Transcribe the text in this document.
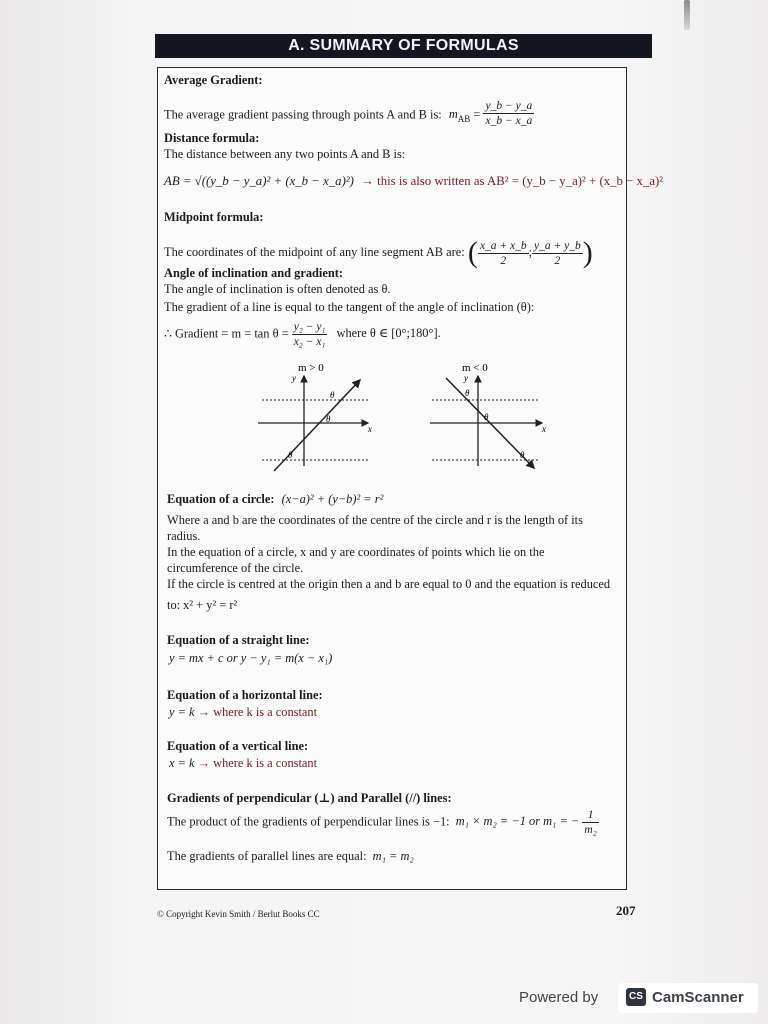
A. SUMMARY OF FORMULAS
Average Gradient:
The average gradient passing through points A and B is: $m_{AB} = \frac{y\_b - y\_a}{x\_b - x\_a}$
Distance formula:
The distance between any two points A and B is:
AB = √((y_b − y_a)² + (x_b − x_a)²) → this is also written as AB² = (y_b − y_a)² + (x_b − x_a)²
Midpoint formula:
The coordinates of the midpoint of any line segment AB are: ( $\frac{x\_a + x\_b}{2}$ ; $\frac{y\_a + y\_b}{2}$ )
Angle of inclination and gradient:
The angle of inclination is often denoted as θ.
The gradient of a line is equal to the tangent of the angle of inclination (θ):
∴ Gradient = $m = \tan \theta = \frac{\text{y₂ − y₁}}{\text{x₂ − x₁}}$ where θ ∈ [0°;180°].
m > 0
y
x
θ
θ
θ
m < 0
y
x
θ
θ
θ
Equation of a circle: (x−a)² + (y−b)² = r²
Where a and b are the coordinates of the centre of the circle and r is the length of its
radius.
In the equation of a circle, x and y are coordinates of points which lie on the
circumference of the circle.
If the circle is centred at the origin then a and b are equal to 0 and the equation is reduced
to: x² + y² = r²
Equation of a straight line:
y = mx + c or y − y₁ = m(x − x₁)
Equation of a horizontal line:
y = k → where k is a constant
Equation of a vertical line:
x = k → where k is a constant
Gradients of perpendicular (⊥) and Parallel (//) lines:
The product of the gradients of perpendicular lines is −1: m₁ × m₂ = −1 or m₁ = − $\frac{1}{\text{m₂}}$
The gradients of parallel lines are equal: m₁ = m₂
© Copyright Kevin Smith / Berlut Books CC	207
Powered by	CS CamScanner
